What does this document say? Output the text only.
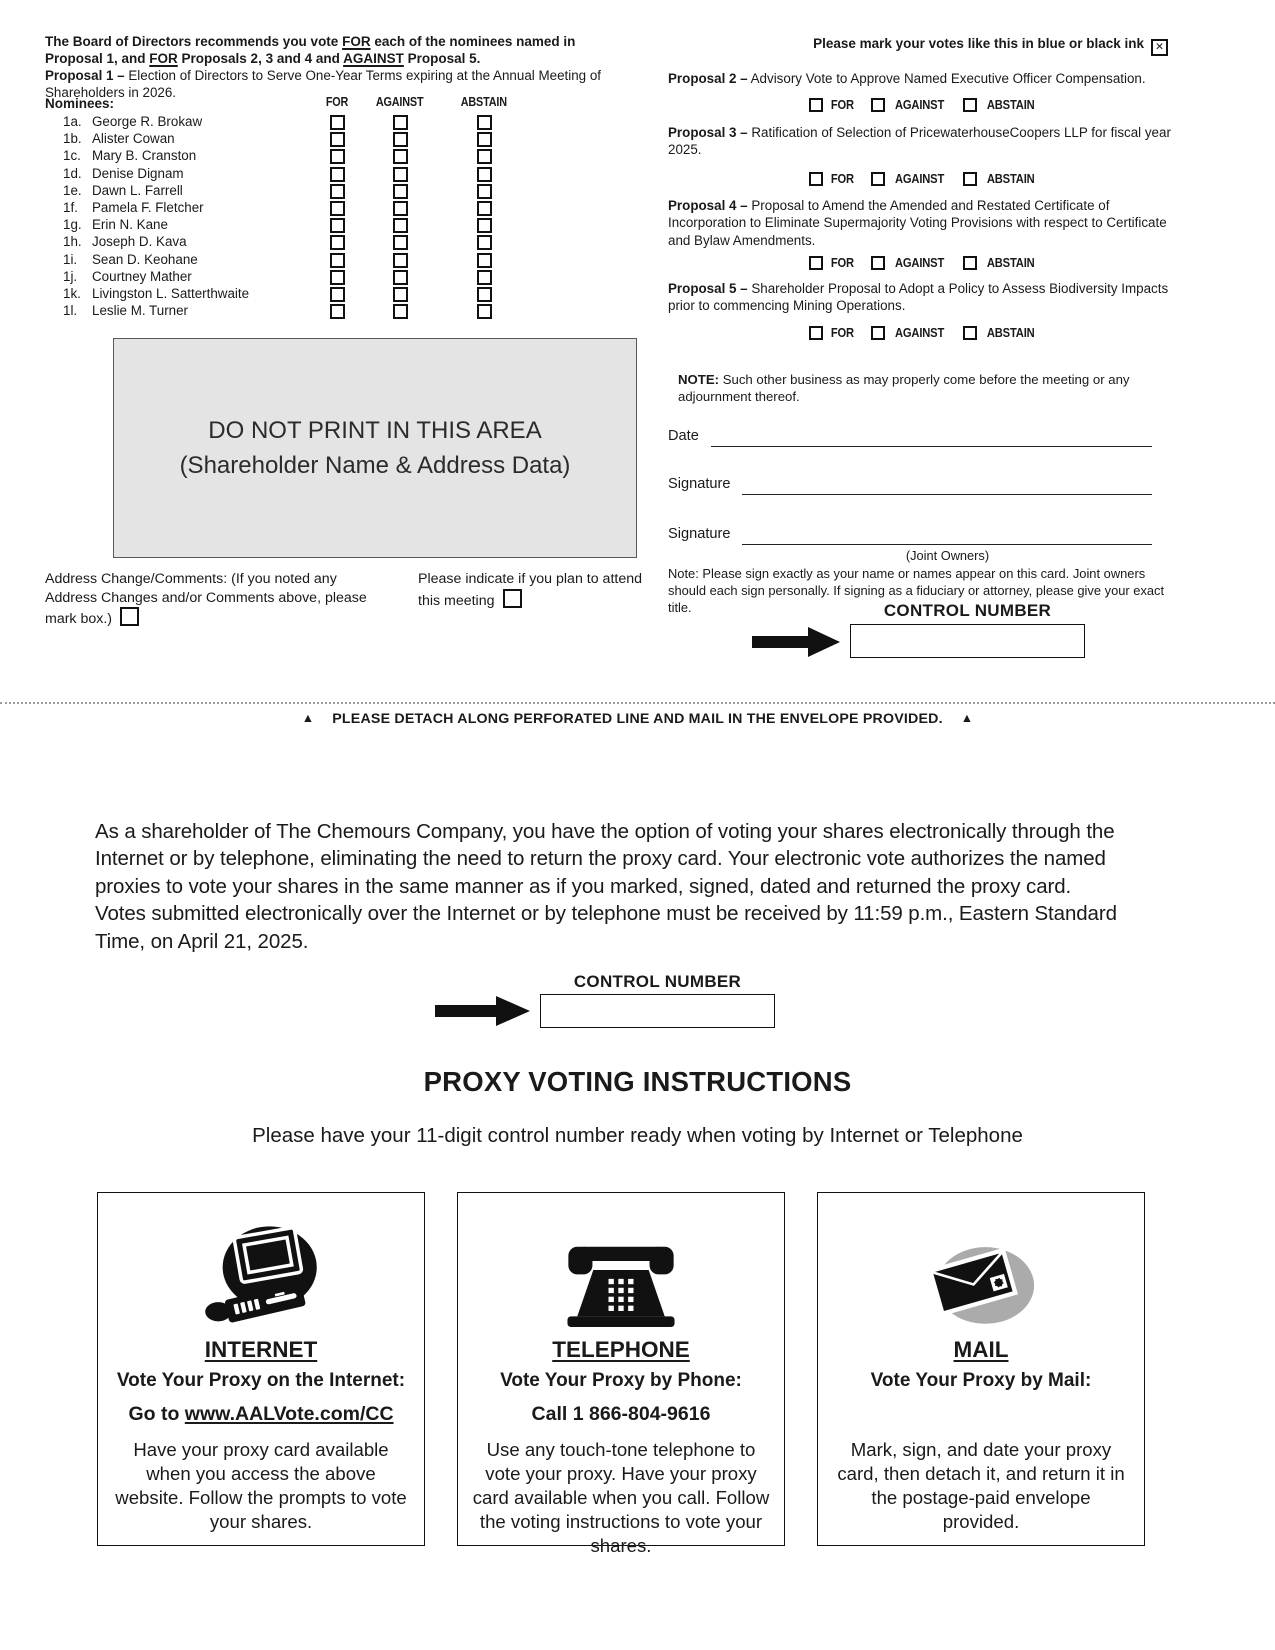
The Board of Directors recommends you vote FOR each of the nominees named in Proposal 1, and FOR Proposals 2, 3 and 4 and AGAINST Proposal 5.
Proposal 1 – Election of Directors to Serve One-Year Terms expiring at the Annual Meeting of Shareholders in 2026.
Nominees:	FOR	AGAINST	ABSTAIN
1a. George R. Brokaw
1b. Alister Cowan
1c. Mary B. Cranston
1d. Denise Dignam
1e. Dawn L. Farrell
1f. Pamela F. Fletcher
1g. Erin N. Kane
1h. Joseph D. Kava
1i. Sean D. Keohane
1j. Courtney Mather
1k. Livingston L. Satterthwaite
1l. Leslie M. Turner
DO NOT PRINT IN THIS AREA
(Shareholder Name & Address Data)
Address Change/Comments: (If you noted any Address Changes and/or Comments above, please mark box.)
Please indicate if you plan to attend this meeting
Please mark your votes like this in blue or black ink ✕
Proposal 2 – Advisory Vote to Approve Named Executive Officer Compensation.
FOR	AGAINST	ABSTAIN
Proposal 3 – Ratification of Selection of PricewaterhouseCoopers LLP for fiscal year 2025.
FOR	AGAINST	ABSTAIN
Proposal 4 – Proposal to Amend the Amended and Restated Certificate of Incorporation to Eliminate Supermajority Voting Provisions with respect to Certificate and Bylaw Amendments.
FOR	AGAINST	ABSTAIN
Proposal 5 – Shareholder Proposal to Adopt a Policy to Assess Biodiversity Impacts prior to commencing Mining Operations.
FOR	AGAINST	ABSTAIN
NOTE: Such other business as may properly come before the meeting or any adjournment thereof.
Date
Signature
Signature
(Joint Owners)
Note: Please sign exactly as your name or names appear on this card. Joint owners should each sign personally. If signing as a fiduciary or attorney, please give your exact title.	CONTROL NUMBER
▲ PLEASE DETACH ALONG PERFORATED LINE AND MAIL IN THE ENVELOPE PROVIDED. ▲

As a shareholder of The Chemours Company, you have the option of voting your shares electronically through the Internet or by telephone, eliminating the need to return the proxy card. Your electronic vote authorizes the named proxies to vote your shares in the same manner as if you marked, signed, dated and returned the proxy card. Votes submitted electronically over the Internet or by telephone must be received by 11:59 p.m., Eastern Standard Time, on April 21, 2025.

CONTROL NUMBER
PROXY VOTING INSTRUCTIONS
Please have your 11-digit control number ready when voting by Internet or Telephone
INTERNET
Vote Your Proxy on the Internet:
Go to www.AALVote.com/CC
Have your proxy card available when you access the above website. Follow the prompts to vote your shares.
TELEPHONE
Vote Your Proxy by Phone:
Call 1 866-804-9616
Use any touch-tone telephone to vote your proxy. Have your proxy card available when you call. Follow the voting instructions to vote your shares.
MAIL
Vote Your Proxy by Mail:
Mark, sign, and date your proxy card, then detach it, and return it in the postage-paid envelope provided.
